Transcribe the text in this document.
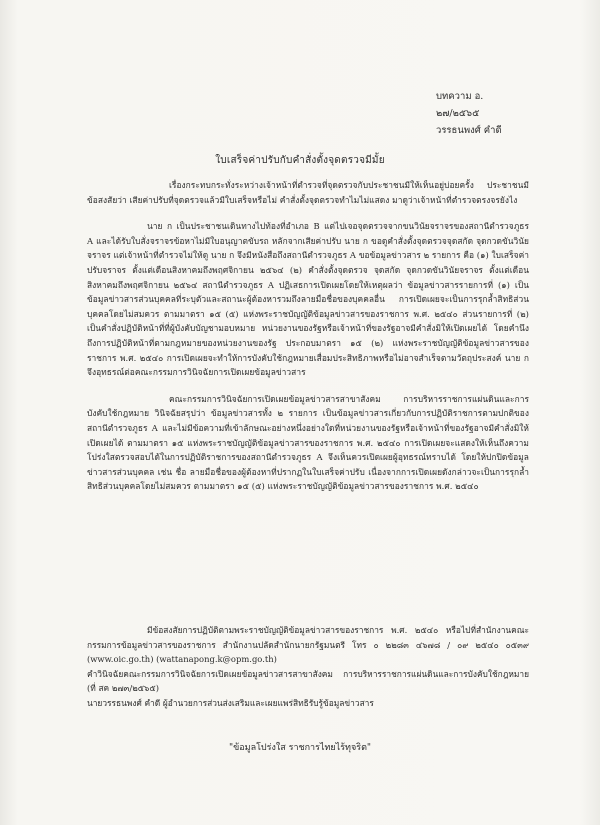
บทความ อ. ๒๗/๒๕๖๕
วรรธนพงศ์ คำดี
ใบเสร็จค่าปรับกับคำสั่งตั้งจุดตรวจมีมั้ย

เรื่องกระทบกระทั่งระหว่างเจ้าหน้าที่ตำรวจที่จุดตรวจกับประชาชนมีให้เห็นอยู่บ่อยครั้ง ประชาชนมีข้อสงสัยว่า เสียค่าปรับที่จุดตรวจแล้วมีใบเสร็จหรือไม่ คำสั่งตั้งจุดตรวจทำไมไม่แสดง มาดูว่าเจ้าหน้าที่ตำรวจตรงจรยังไง

นาย ก เป็นประชาชนเดินทางไปท้องที่อำเภอ B แต่ไปเจอจุดตรวจจากขนวินัยจราจรของสถานีตำรวจภูธร A และได้รับใบสั่งจราจรข้อหาไม่มีใบอนุญาตขับรถ หลักจากเสียค่าปรับ นาย ก ขอดูคำสั่งตั้งจุดตรวจจุดสกัด จุดกวดขันวินัยจราจร แต่เจ้าหน้าที่ตำรวจไม่ให้ดู นาย ก จึงมีหนังสือถึงสถานีตำรวจภูธร A ขอข้อมูลข่าวสาร ๒ รายการ คือ (๑) ใบเสร็จค่าปรับจราจร ตั้งแต่เดือนสิงหาคมถึงพฤศจิกายน ๒๕๖๔ (๒) คำสั่งตั้งจุดตรวจ จุดสกัด จุดกวดขันวินัยจราจร ตั้งแต่เดือนสิงหาคมถึงพฤศจิกายน ๒๕๖๔ สถานีตำรวจภูธร A ปฏิเสธการเปิดเผยโดยให้เหตุผลว่า ข้อมูลข่าวสารรายการที่ (๑) เป็นข้อมูลข่าวสารส่วนบุคคลที่ระบุตัวและสถานะผู้ต้องหารวมถึงลายมือชื่อของบุคคลอื่น การเปิดเผยจะเป็นการรุกล้ำสิทธิส่วนบุคคลโดยไม่สมควร ตามมาตรา ๑๕ (๕) แห่งพระราชบัญญัติข้อมูลข่าวสารของราชการ พ.ศ. ๒๕๔๐ ส่วนรายการที่ (๒) เป็นคำสั่งปฏิบัติหน้าที่ที่ผู้บังคับบัญชามอบหมาย หน่วยงานของรัฐหรือเจ้าหน้าที่ของรัฐอาจมีคำสั่งมิให้เปิดเผยได้ โดยคำนึงถึงการปฏิบัติหน้าที่ตามกฎหมายของหน่วยงานของรัฐ ประกอบมาตรา ๑๕ (๒) แห่งพระราชบัญญัติข้อมูลข่าวสารของราชการ พ.ศ. ๒๕๔๐ การเปิดเผยจะทำให้การบังคับใช้กฎหมายเสื่อมประสิทธิภาพหรือไม่อาจสำเร็จตามวัตถุประสงค์ นาย ก จึงอุทธรณ์ต่อคณะกรรมการวินิจฉัยการเปิดเผยข้อมูลข่าวสาร

คณะกรรมการวินิจฉัยการเปิดเผยข้อมูลข่าวสารสาขาสังคม การบริหารราชการแผ่นดินและการบังคับใช้กฎหมาย วินิจฉัยสรุปว่า ข้อมูลข่าวสารทั้ง ๒ รายการ เป็นข้อมูลข่าวสารเกี่ยวกับการปฏิบัติราชการตามปกติของสถานีตำรวจภูธร A และไม่มีข้อความที่เข้าลักษณะอย่างหนึ่งอย่างใดที่หน่วยงานของรัฐหรือเจ้าหน้าที่ของรัฐอาจมีคำสั่งมิให้เปิดเผยได้ ตามมาตรา ๑๕ แห่งพระราชบัญญัติข้อมูลข่าวสารของราชการ พ.ศ. ๒๕๔๐ การเปิดเผยจะแสดงให้เห็นถึงความโปร่งใสตรวจสอบได้ในการปฏิบัติราชการของสถานีตำรวจภูธร A จึงเห็นควรเปิดเผยผู้อุทธรณ์ทราบได้ โดยให้ปกปิดข้อมูลข่าวสารส่วนบุคคล เช่น ชื่อ ลายมือชื่อของผู้ต้องหาที่ปรากฏในใบเสร็จค่าปรับ เนื่องจากการเปิดเผยดังกล่าวจะเป็นการรุกล้ำสิทธิส่วนบุคคลโดยไม่สมควร ตามมาตรา ๑๕ (๕) แห่งพระราชบัญญัติข้อมูลข่าวสารของราชการ พ.ศ. ๒๕๔๐

มีข้อสงสัยการปฏิบัติตามพระราชบัญญัติข้อมูลข่าวสารของราชการ พ.ศ. ๒๕๔๐ หรือไปที่สำนักงานคณะกรรมการข้อมูลข่าวสารของราชการ สำนักงานปลัดสำนักนายกรัฐมนตรี โทร ๐ ๒๒๘๓ ๔๖๗๘ / ๐๙ ๒๕๔๐ ๐๕๓๙ (www.oic.go.th) (wattanapong.k@opm.go.th)
คำวินิจฉัยคณะกรรมการวินิจฉัยการเปิดเผยข้อมูลข่าวสารสาขาสังคม การบริหารราชการแผ่นดินและการบังคับใช้กฎหมาย (ที่ สค ๒๗๓/๒๕๖๕)
นายวรรธนพงศ์ คำดี ผู้อำนวยการส่วนส่งเสริมและเผยแพร่สิทธิรับรู้ข้อมูลข่าวสาร
"ข้อมูลโปร่งใส ราชการไทยไร้ทุจริต"
